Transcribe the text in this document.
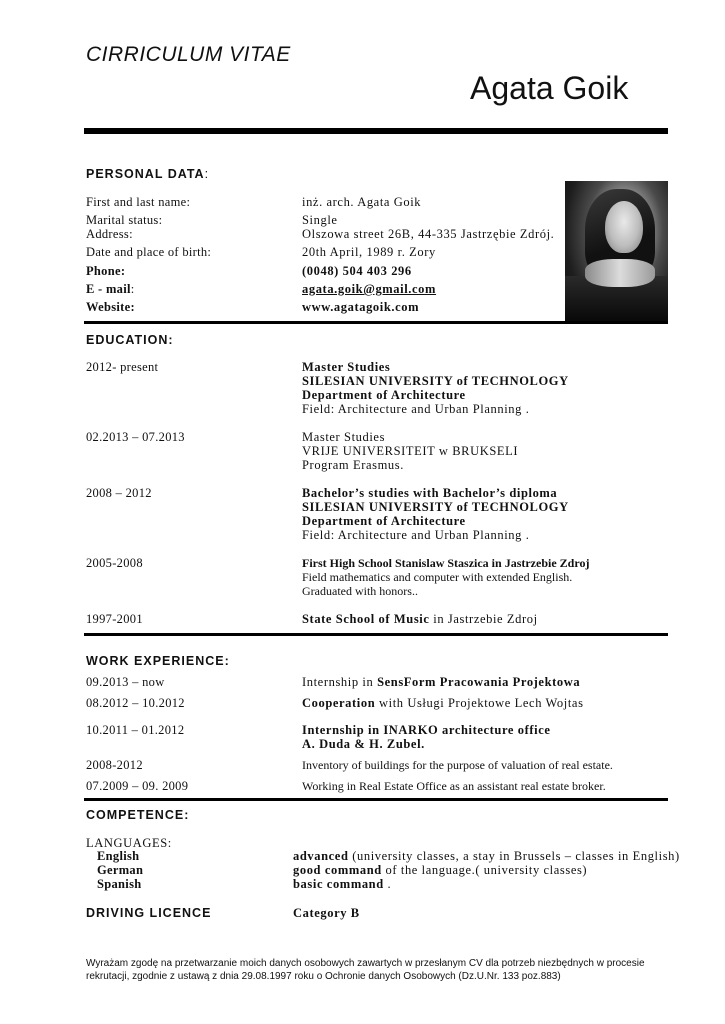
CIRRICULUM VITAE
Agata Goik
PERSONAL DATA:
First and last name:	inż. arch. Agata Goik
Marital status:	Single
Address:	Olszowa street 26B, 44-335 Jastrzębie Zdrój.
Date and place of birth:	20th April, 1989 r. Zory
Phone:	(0048) 504 403 296
E - mail:	agata.goik@gmail.com
Website:	www.agatagoik.com
EDUCATION:
2012- present	Master Studies
SILESIAN UNIVERSITY of TECHNOLOGY
Department of Architecture
Field: Architecture and Urban Planning .
02.2013 – 07.2013	Master Studies
VRIJE UNIVERSITEIT w BRUKSELI
Program Erasmus.
2008 – 2012	Bachelor’s studies with Bachelor’s diploma
SILESIAN UNIVERSITY of TECHNOLOGY
Department of Architecture
Field: Architecture and Urban Planning .
2005-2008	First High School Stanislaw Staszica in Jastrzebie Zdroj
Field mathematics and computer with extended English.
Graduated with honors..
1997-2001	State School of Music in Jastrzebie Zdroj
WORK EXPERIENCE:
09.2013 – now	Internship in SensForm Pracowania Projektowa
08.2012 – 10.2012	Cooperation with Usługi Projektowe Lech Wojtas
10.2011 – 01.2012	Internship in INARKO architecture office
A. Duda & H. Zubel.
2008-2012	Inventory of buildings for the purpose of valuation of real estate.
07.2009 – 09. 2009	Working in Real Estate Office as an assistant real estate broker.
COMPETENCE:
LANGUAGES:
English	advanced (university classes, a stay in Brussels – classes in English)
German	good command of the language.( university classes)
Spanish	basic command .
DRIVING LICENCE	Category B
Wyrażam zgodę na przetwarzanie moich danych osobowych zawartych w przesłanym CV dla potrzeb niezbędnych w procesie rekrutacji, zgodnie z ustawą z dnia 29.08.1997 roku o Ochronie danych Osobowych (Dz.U.Nr. 133 poz.883)
